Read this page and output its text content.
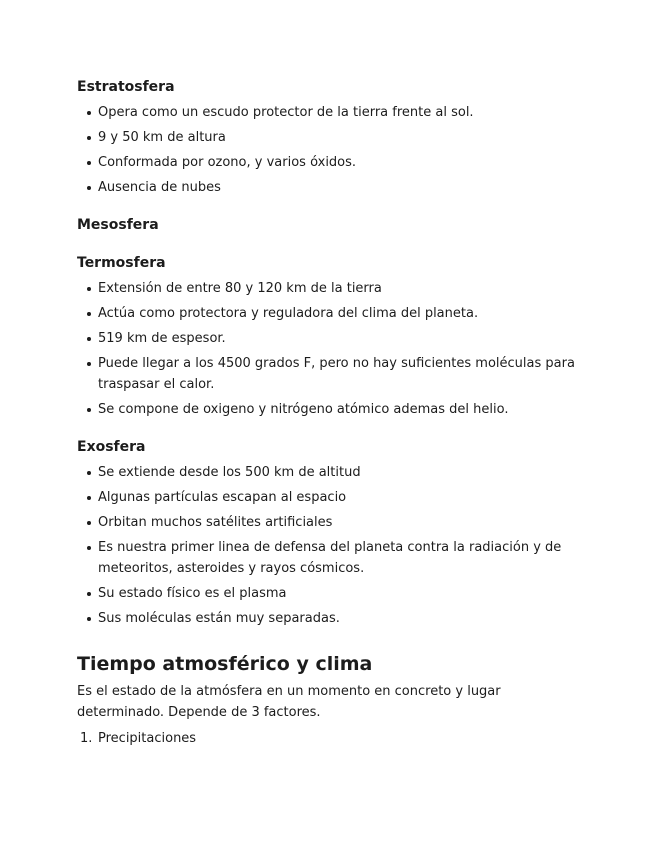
Estratosfera
Opera como un escudo protector de la tierra frente al sol.
9 y 50 km de altura
Conformada por ozono, y varios óxidos.
Ausencia de nubes
Mesosfera
Termosfera
Extensión de entre 80 y 120 km de la tierra
Actúa como protectora y reguladora del clima del planeta.
519 km de espesor.
Puede llegar a los 4500 grados F, pero no hay suficientes moléculas para traspasar el calor.
Se compone de oxigeno y nitrógeno atómico ademas del helio.
Exosfera
Se extiende desde los 500 km de altitud
Algunas partículas escapan al espacio
Orbitan muchos satélites artificiales
Es nuestra primer linea de defensa del planeta contra la radiación y de meteoritos, asteroides y rayos cósmicos.
Su estado físico es el plasma
Sus moléculas están muy separadas.
Tiempo atmosférico y clima

Es el estado de la atmósfera en un momento en concreto y lugar determinado. Depende de 3 factores.

1. Precipitaciones
